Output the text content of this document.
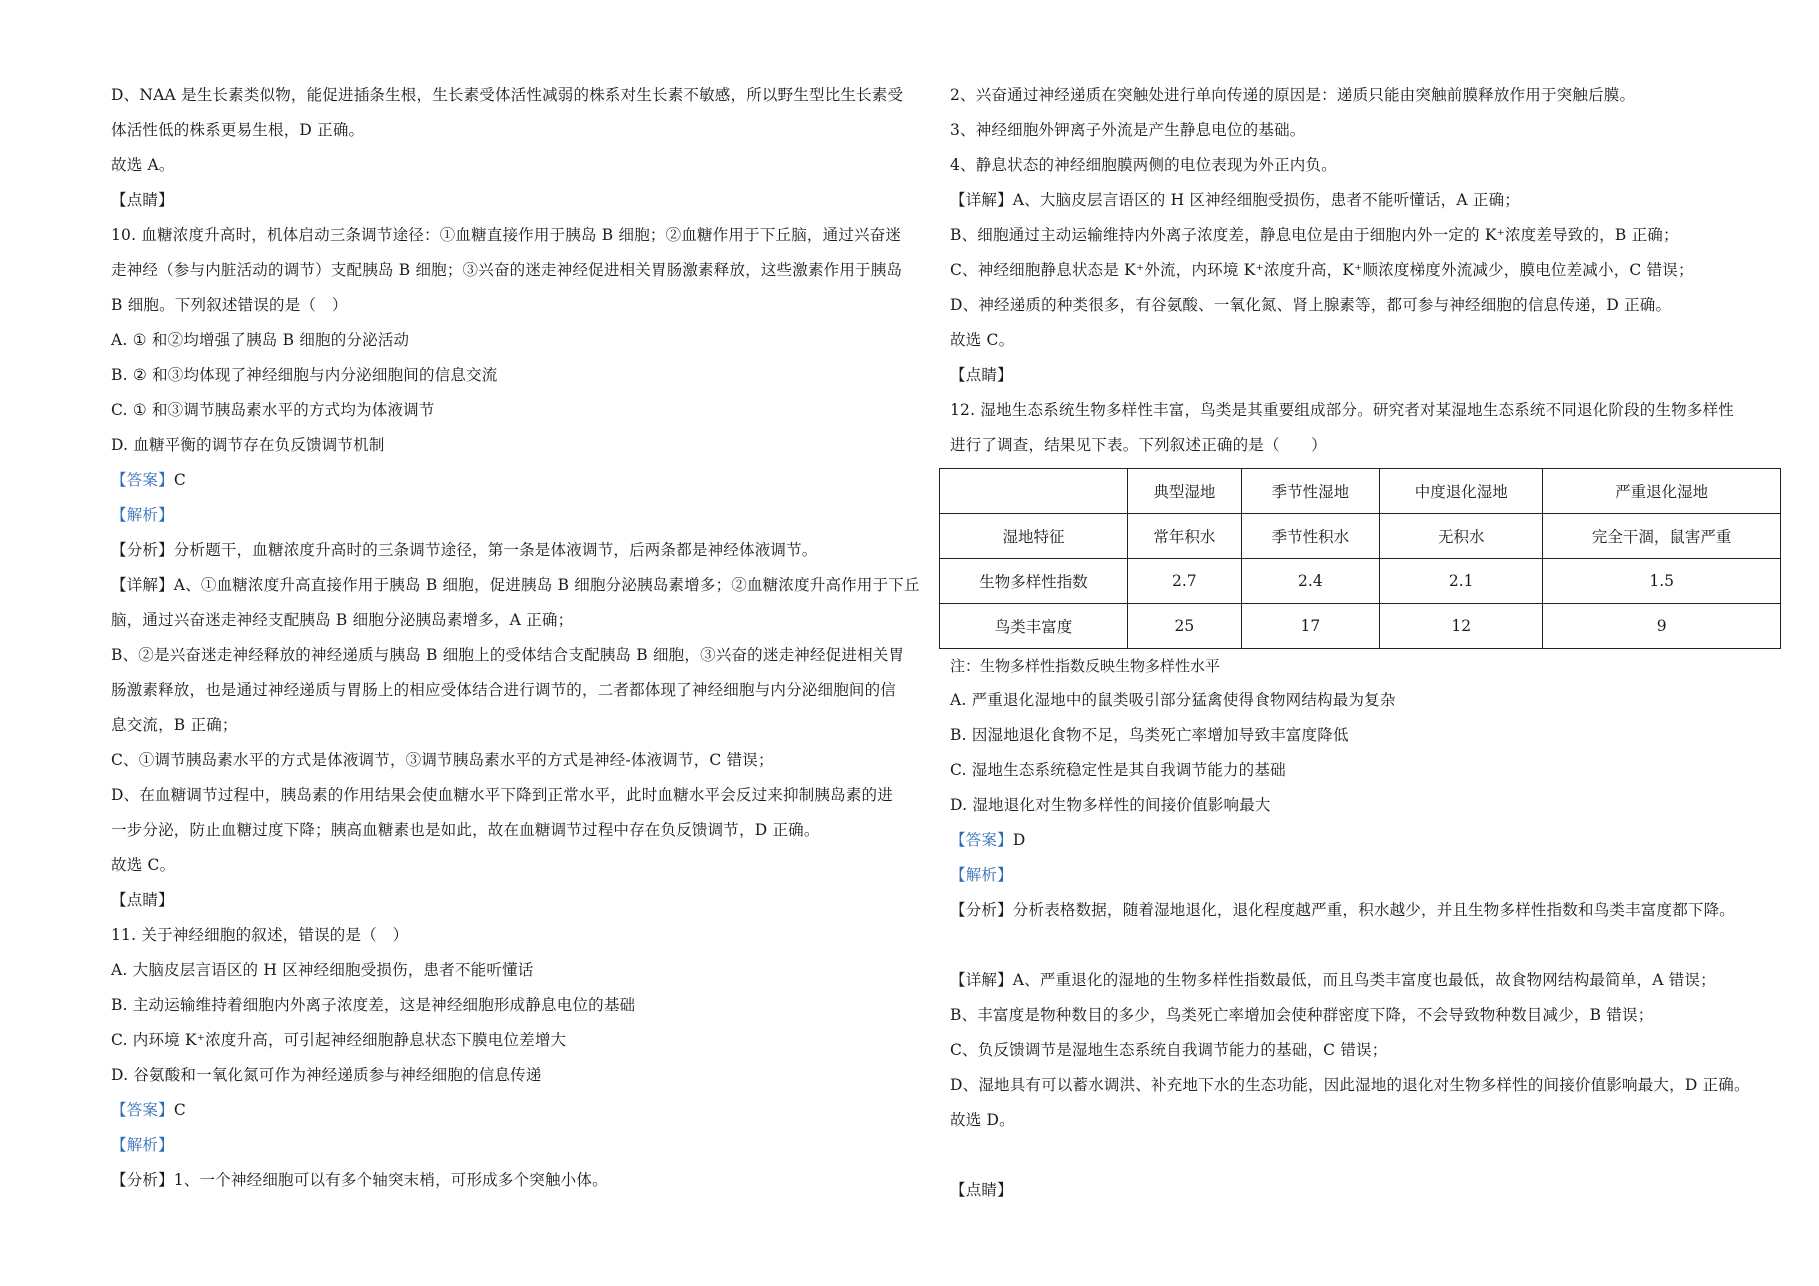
D、NAA 是生长素类似物，能促进插条生根，生长素受体活性减弱的株系对生长素不敏感，所以野生型比生长素受
体活性低的株系更易生根，D 正确。
故选 A。
【点睛】
10. 血糖浓度升高时，机体启动三条调节途径：①血糖直接作用于胰岛 B 细胞；②血糖作用于下丘脑，通过兴奋迷
走神经（参与内脏活动的调节）支配胰岛 B 细胞；③兴奋的迷走神经促进相关胃肠激素释放，这些激素作用于胰岛
B 细胞。下列叙述错误的是（　）
A. ① 和②均增强了胰岛 B 细胞的分泌活动
B. ② 和③均体现了神经细胞与内分泌细胞间的信息交流
C. ① 和③调节胰岛素水平的方式均为体液调节
D. 血糖平衡的调节存在负反馈调节机制
【答案】C
【解析】
【分析】分析题干，血糖浓度升高时的三条调节途径，第一条是体液调节，后两条都是神经体液调节。
【详解】A、①血糖浓度升高直接作用于胰岛 B 细胞，促进胰岛 B 细胞分泌胰岛素增多；②血糖浓度升高作用于下丘
脑，通过兴奋迷走神经支配胰岛 B 细胞分泌胰岛素增多，A 正确；
B、②是兴奋迷走神经释放的神经递质与胰岛 B 细胞上的受体结合支配胰岛 B 细胞，③兴奋的迷走神经促进相关胃
肠激素释放，也是通过神经递质与胃肠上的相应受体结合进行调节的，二者都体现了神经细胞与内分泌细胞间的信
息交流，B 正确；
C、①调节胰岛素水平的方式是体液调节，③调节胰岛素水平的方式是神经-体液调节，C 错误；
D、在血糖调节过程中，胰岛素的作用结果会使血糖水平下降到正常水平，此时血糖水平会反过来抑制胰岛素的进
一步分泌，防止血糖过度下降；胰高血糖素也是如此，故在血糖调节过程中存在负反馈调节，D 正确。
故选 C。
【点睛】
11. 关于神经细胞的叙述，错误的是（　）
A. 大脑皮层言语区的 H 区神经细胞受损伤，患者不能听懂话
B. 主动运输维持着细胞内外离子浓度差，这是神经细胞形成静息电位的基础
C. 内环境 K⁺浓度升高，可引起神经细胞静息状态下膜电位差增大
D. 谷氨酸和一氧化氮可作为神经递质参与神经细胞的信息传递
【答案】C
【解析】
【分析】1、一个神经细胞可以有多个轴突末梢，可形成多个突触小体。
2、兴奋通过神经递质在突触处进行单向传递的原因是：递质只能由突触前膜释放作用于突触后膜。
3、神经细胞外钾离子外流是产生静息电位的基础。
4、静息状态的神经细胞膜两侧的电位表现为外正内负。
【详解】A、大脑皮层言语区的 H 区神经细胞受损伤，患者不能听懂话，A 正确；
B、细胞通过主动运输维持内外离子浓度差，静息电位是由于细胞内外一定的 K⁺浓度差导致的，B 正确；
C、神经细胞静息状态是 K⁺外流，内环境 K⁺浓度升高，K⁺顺浓度梯度外流减少，膜电位差减小，C 错误；
D、神经递质的种类很多，有谷氨酸、一氧化氮、肾上腺素等，都可参与神经细胞的信息传递，D 正确。
故选 C。
【点睛】
12. 湿地生态系统生物多样性丰富，鸟类是其重要组成部分。研究者对某湿地生态系统不同退化阶段的生物多样性
进行了调查，结果见下表。下列叙述正确的是（　　）
	典型湿地	季节性湿地	中度退化湿地	严重退化湿地
湿地特征	常年积水	季节性积水	无积水	完全干涸，鼠害严重
生物多样性指数	2.7	2.4	2.1	1.5
鸟类丰富度	25	17	12	9
注：生物多样性指数反映生物多样性水平
A. 严重退化湿地中的鼠类吸引部分猛禽使得食物网结构最为复杂
B. 因湿地退化食物不足，鸟类死亡率增加导致丰富度降低
C. 湿地生态系统稳定性是其自我调节能力的基础
D. 湿地退化对生物多样性的间接价值影响最大
【答案】D
【解析】
【分析】分析表格数据，随着湿地退化，退化程度越严重，积水越少，并且生物多样性指数和鸟类丰富度都下降。
【详解】A、严重退化的湿地的生物多样性指数最低，而且鸟类丰富度也最低，故食物网结构最简单，A 错误；
B、丰富度是物种数目的多少，鸟类死亡率增加会使种群密度下降，不会导致物种数目减少，B 错误；
C、负反馈调节是湿地生态系统自我调节能力的基础，C 错误；
D、湿地具有可以蓄水调洪、补充地下水的生态功能，因此湿地的退化对生物多样性的间接价值影响最大，D 正确。
故选 D。
【点睛】
